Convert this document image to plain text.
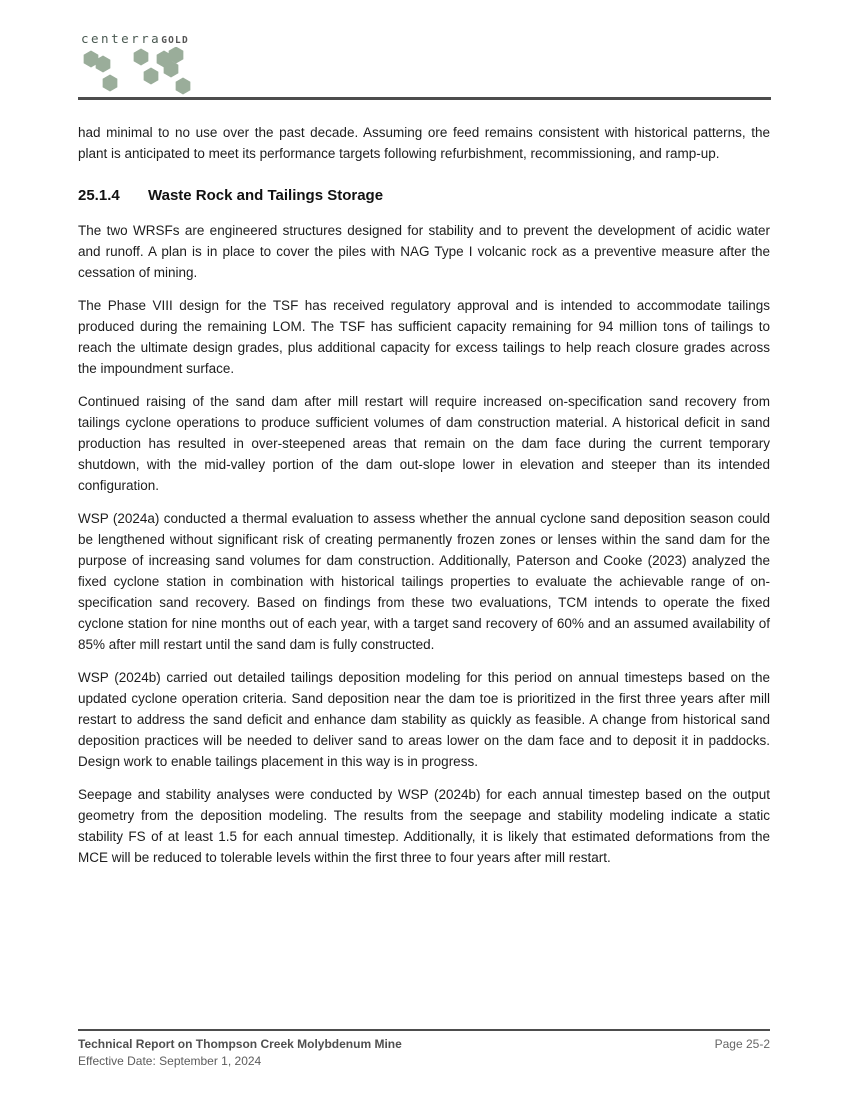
centerra GOLD

had minimal to no use over the past decade. Assuming ore feed remains consistent with historical patterns, the plant is anticipated to meet its performance targets following refurbishment, recommissioning, and ramp-up.

25.1.4 Waste Rock and Tailings Storage

The two WRSFs are engineered structures designed for stability and to prevent the development of acidic water and runoff. A plan is in place to cover the piles with NAG Type I volcanic rock as a preventive measure after the cessation of mining.

The Phase VIII design for the TSF has received regulatory approval and is intended to accommodate tailings produced during the remaining LOM. The TSF has sufficient capacity remaining for 94 million tons of tailings to reach the ultimate design grades, plus additional capacity for excess tailings to help reach closure grades across the impoundment surface.

Continued raising of the sand dam after mill restart will require increased on-specification sand recovery from tailings cyclone operations to produce sufficient volumes of dam construction material. A historical deficit in sand production has resulted in over-steepened areas that remain on the dam face during the current temporary shutdown, with the mid-valley portion of the dam out-slope lower in elevation and steeper than its intended configuration.

WSP (2024a) conducted a thermal evaluation to assess whether the annual cyclone sand deposition season could be lengthened without significant risk of creating permanently frozen zones or lenses within the sand dam for the purpose of increasing sand volumes for dam construction. Additionally, Paterson and Cooke (2023) analyzed the fixed cyclone station in combination with historical tailings properties to evaluate the achievable range of on-specification sand recovery. Based on findings from these two evaluations, TCM intends to operate the fixed cyclone station for nine months out of each year, with a target sand recovery of 60% and an assumed availability of 85% after mill restart until the sand dam is fully constructed.

WSP (2024b) carried out detailed tailings deposition modeling for this period on annual timesteps based on the updated cyclone operation criteria. Sand deposition near the dam toe is prioritized in the first three years after mill restart to address the sand deficit and enhance dam stability as quickly as feasible. A change from historical sand deposition practices will be needed to deliver sand to areas lower on the dam face and to deposit it in paddocks. Design work to enable tailings placement in this way is in progress.

Seepage and stability analyses were conducted by WSP (2024b) for each annual timestep based on the output geometry from the deposition modeling. The results from the seepage and stability modeling indicate a static stability FS of at least 1.5 for each annual timestep. Additionally, it is likely that estimated deformations from the MCE will be reduced to tolerable levels within the first three to four years after mill restart.

Technical Report on Thompson Creek Molybdenum Mine	Page 25-2
Effective Date: September 1, 2024
